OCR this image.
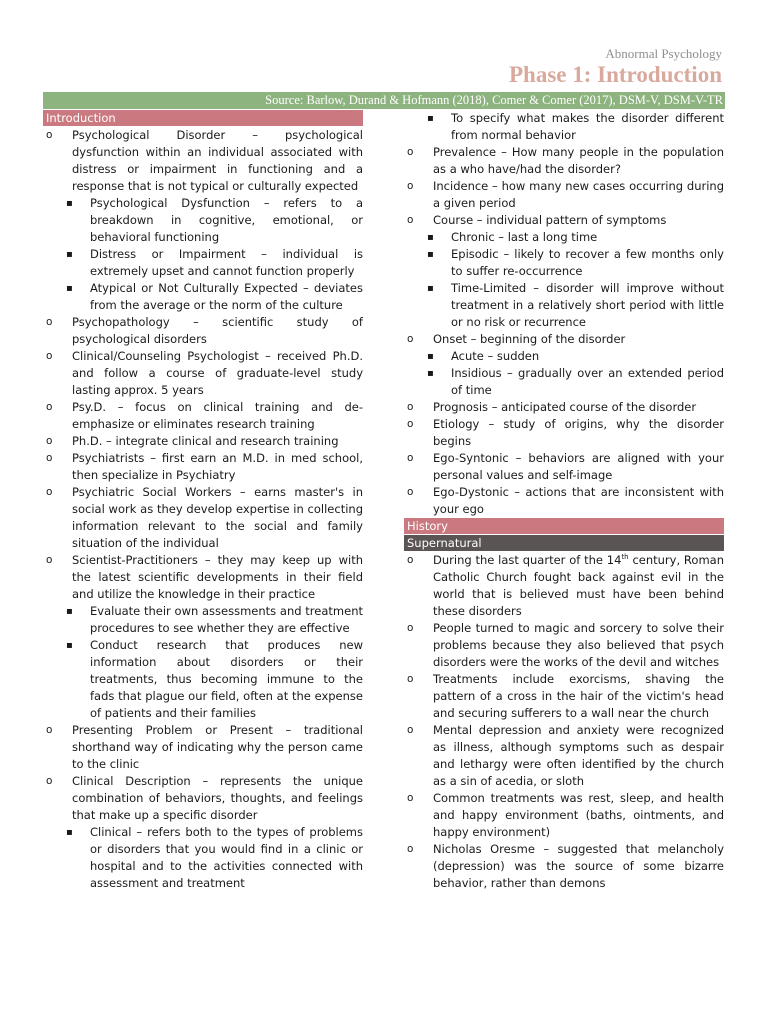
Abnormal Psychology
Phase 1: Introduction
Source: Barlow, Durand & Hofmann (2018), Comer & Comer (2017), DSM-V, DSM-V-TR
Introduction
o Psychological Disorder – psychological dysfunction within an individual associated with distress or impairment in functioning and a response that is not typical or culturally expected
▪ Psychological Dysfunction – refers to a breakdown in cognitive, emotional, or behavioral functioning
▪ Distress or Impairment – individual is extremely upset and cannot function properly
▪ Atypical or Not Culturally Expected – deviates from the average or the norm of the culture
o Psychopathology – scientific study of psychological disorders
o Clinical/Counseling Psychologist – received Ph.D. and follow a course of graduate-level study lasting approx. 5 years
o Psy.D. – focus on clinical training and de-emphasize or eliminates research training
o Ph.D. – integrate clinical and research training
o Psychiatrists – first earn an M.D. in med school, then specialize in Psychiatry
o Psychiatric Social Workers – earns master's in social work as they develop expertise in collecting information relevant to the social and family situation of the individual
o Scientist-Practitioners – they may keep up with the latest scientific developments in their field and utilize the knowledge in their practice
▪ Evaluate their own assessments and treatment procedures to see whether they are effective
▪ Conduct research that produces new information about disorders or their treatments, thus becoming immune to the fads that plague our field, often at the expense of patients and their families
o Presenting Problem or Present – traditional shorthand way of indicating why the person came to the clinic
o Clinical Description – represents the unique combination of behaviors, thoughts, and feelings that make up a specific disorder
▪ Clinical – refers both to the types of problems or disorders that you would find in a clinic or hospital and to the activities connected with assessment and treatment
▪ To specify what makes the disorder different from normal behavior
o Prevalence – How many people in the population as a who have/had the disorder?
o Incidence – how many new cases occurring during a given period
o Course – individual pattern of symptoms
▪ Chronic – last a long time
▪ Episodic – likely to recover a few months only to suffer re-occurrence
▪ Time-Limited – disorder will improve without treatment in a relatively short period with little or no risk or recurrence
o Onset – beginning of the disorder
▪ Acute – sudden
▪ Insidious – gradually over an extended period of time
o Prognosis – anticipated course of the disorder
o Etiology – study of origins, why the disorder begins
o Ego-Syntonic – behaviors are aligned with your personal values and self-image
o Ego-Dystonic – actions that are inconsistent with your ego
History
Supernatural
o During the last quarter of the 14th century, Roman Catholic Church fought back against evil in the world that is believed must have been behind these disorders
o People turned to magic and sorcery to solve their problems because they also believed that psych disorders were the works of the devil and witches
o Treatments include exorcisms, shaving the pattern of a cross in the hair of the victim's head and securing sufferers to a wall near the church
o Mental depression and anxiety were recognized as illness, although symptoms such as despair and lethargy were often identified by the church as a sin of acedia, or sloth
o Common treatments was rest, sleep, and health and happy environment (baths, ointments, and happy environment)
o Nicholas Oresme – suggested that melancholy (depression) was the source of some bizarre behavior, rather than demons
